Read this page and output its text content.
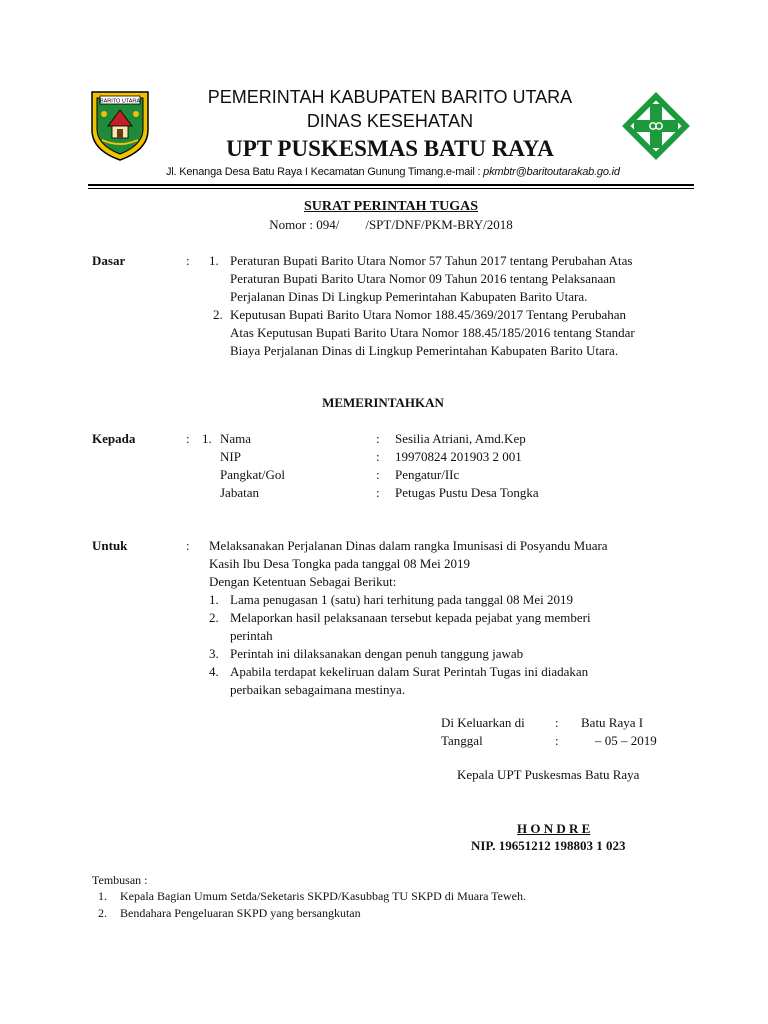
BARITO UTARA	PEMERINTAH KABUPATEN BARITO UTARA
DINAS KESEHATAN
UPT PUSKESMAS BATU RAYA
Jl. Kenanga Desa Batu Raya I Kecamatan Gunung Timang.e-mail : pkmbtr@baritoutarakab.go.id
SURAT PERINTAH TUGAS
Nomor : 094/        /SPT/DNF/PKM-BRY/2018
Dasar	: 1. Peraturan Bupati Barito Utara Nomor 57 Tahun 2017 tentang Perubahan Atas
Peraturan Bupati Barito Utara Nomor 09 Tahun 2016 tentang Pelaksanaan
Perjalanan Dinas Di Lingkup Pemerintahan Kabupaten Barito Utara.
2. Keputusan Bupati Barito Utara Nomor 188.45/369/2017 Tentang Perubahan
Atas Keputusan Bupati Barito Utara Nomor 188.45/185/2016 tentang Standar
Biaya Perjalanan Dinas di Lingkup Pemerintahan Kabupaten Barito Utara.
MEMERINTAHKAN
Kepada	: 1. Nama	: Sesilia Atriani, Amd.Kep
NIP	: 19970824 201903 2 001
Pangkat/Gol	: Pengatur/IIc
Jabatan	: Petugas Pustu Desa Tongka
Untuk	: Melaksanakan Perjalanan Dinas dalam rangka Imunisasi di Posyandu Muara
Kasih Ibu Desa Tongka pada tanggal 08 Mei 2019
Dengan Ketentuan Sebagai Berikut:
1. Lama penugasan 1 (satu) hari terhitung pada tanggal 08 Mei 2019
2. Melaporkan hasil pelaksanaan tersebut kepada pejabat yang memberi
perintah
3. Perintah ini dilaksanakan dengan penuh tanggung jawab
4. Apabila terdapat kekeliruan dalam Surat Perintah Tugas ini diadakan
perbaikan sebagaimana mestinya.
Di Keluarkan di : Batu Raya I
Tanggal	:	– 05 – 2019
Kepala UPT Puskesmas Batu Raya
H O N D R E
NIP. 19651212 198803 1 023
Tembusan :
1. Kepala Bagian Umum Setda/Seketaris SKPD/Kasubbag TU SKPD di Muara Teweh.
2. Bendahara Pengeluaran SKPD yang bersangkutan
